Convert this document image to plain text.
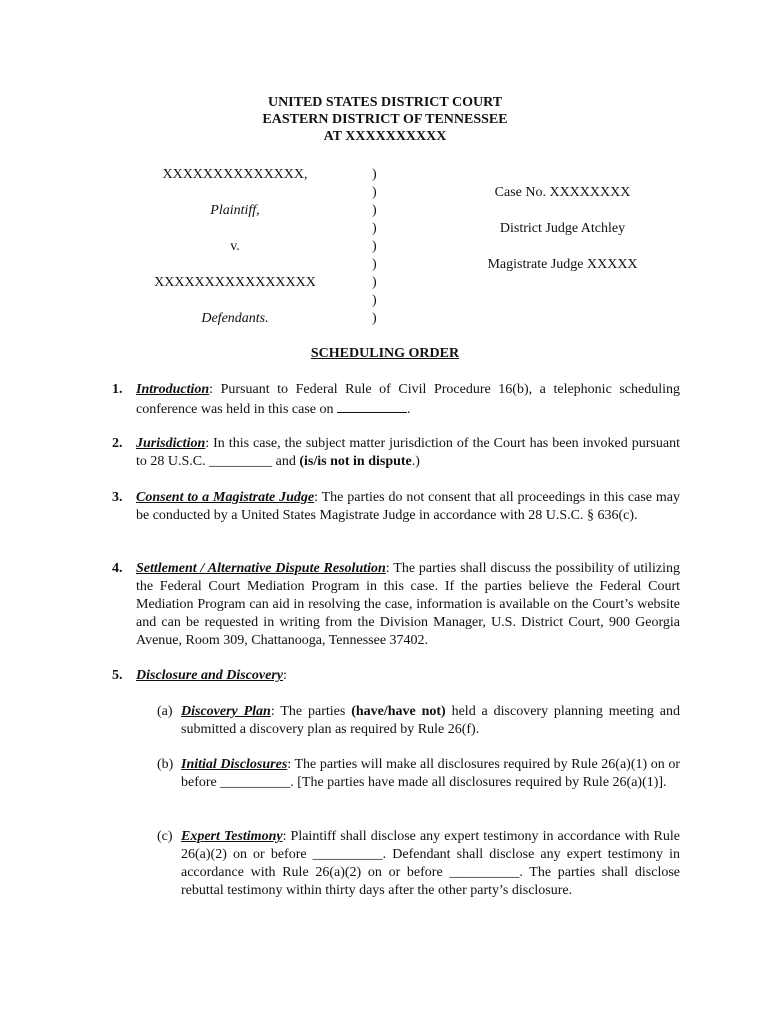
UNITED STATES DISTRICT COURT
EASTERN DISTRICT OF TENNESSEE
AT XXXXXXXXXX
XXXXXXXXXXXXXX,
Plaintiff,
v.
XXXXXXXXXXXXXXXX
Defendants.
)
)
)
)
)
)
)
)
)
Case No. XXXXXXXX
District Judge Atchley
Magistrate Judge XXXXX
SCHEDULING ORDER
1. Introduction: Pursuant to Federal Rule of Civil Procedure 16(b), a telephonic scheduling conference was held in this case on	.
2. Jurisdiction: In this case, the subject matter jurisdiction of the Court has been invoked pursuant to 28 U.S.C. _________ and (is/is not in dispute.)
3. Consent to a Magistrate Judge: The parties do not consent that all proceedings in this case may be conducted by a United States Magistrate Judge in accordance with 28 U.S.C. § 636(c).
4. Settlement / Alternative Dispute Resolution: The parties shall discuss the possibility of utilizing the Federal Court Mediation Program in this case. If the parties believe the Federal Court Mediation Program can aid in resolving the case, information is available on the Court’s website and can be requested in writing from the Division Manager, U.S. District Court, 900 Georgia Avenue, Room 309, Chattanooga, Tennessee 37402.
5. Disclosure and Discovery:
(a) Discovery Plan: The parties (have/have not) held a discovery planning meeting and submitted a discovery plan as required by Rule 26(f).
(b) Initial Disclosures: The parties will make all disclosures required by Rule 26(a)(1) on or before __________. [The parties have made all disclosures required by Rule 26(a)(1)].
(c) Expert Testimony: Plaintiff shall disclose any expert testimony in accordance with Rule 26(a)(2) on or before __________. Defendant shall disclose any expert testimony in accordance with Rule 26(a)(2) on or before __________. The parties shall disclose rebuttal testimony within thirty days after the other party’s disclosure.
